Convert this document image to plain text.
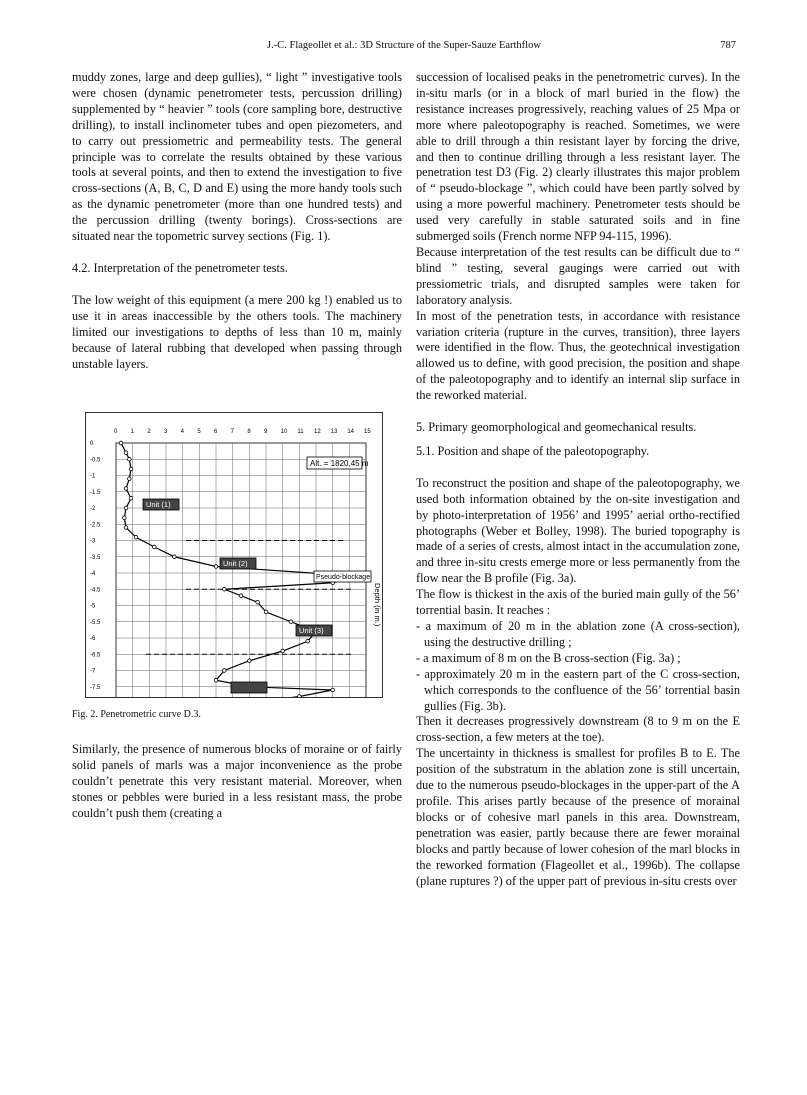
J.-C. Flageollet et al.: 3D Structure of the Super-Sauze Earthflow	787

muddy zones, large and deep gullies), “ light ” investigative tools were chosen (dynamic penetrometer tests, percussion drilling) supplemented by “ heavier ” tools (core sampling bore, destructive drilling), to install inclinometer tubes and open piezometers, and to carry out pressiometric and permeability tests. The general principle was to correlate the results obtained by these various tools at several points, and then to extend the investigation to five cross-sections (A, B, C, D and E) using the more handy tools such as the dynamic penetrometer (more than one hundred tests) and the percussion drilling (twenty borings). Cross-sections are situated near the topometric survey sections (Fig. 1).

4.2. Interpretation of the penetrometer tests.

The low weight of this equipment (a mere 200 kg !) enabled us to use it in areas inaccessible by the others tools. The machinery limited our investigations to depths of less than 10 m, mainly because of lateral rubbing that developed when passing through unstable layers.

0 1 2 3 4 5 6 7 8 9 10 11 12 13 14 15
0
-0.5
-1
-1.5
-2
-2.5
-3
-3.5
-4
-4.5
-5
-5.5
-6
-6.5
-7
-7.5
Alt. = 1820,45 m
Unit (1)
Unit (2)
Pseudo-blockage
Unit (3)
Depth (in m.)
Fig. 2. Penetrometric curve D.3.

Similarly, the presence of numerous blocks of moraine or of fairly solid panels of marls was a major inconvenience as the probe couldn’t penetrate this very resistant material. Moreover, when stones or pebbles were buried in a less resistant mass, the probe couldn’t push them (creating a

succession of localised peaks in the penetrometric curves). In the in-situ marls (or in a block of marl buried in the flow) the resistance increases progressively, reaching values of 25 Mpa or more where paleotopography is reached. Sometimes, we were able to drill through a thin resistant layer by forcing the drive, and then to continue drilling through a less resistant layer. The penetration test D3 (Fig. 2) clearly illustrates this major problem of “ pseudo-blockage ”, which could have been partly solved by using a more powerful machinery. Penetrometer tests should be used very carefully in stable saturated soils and in fine submerged soils (French norme NFP 94-115, 1996).

Because interpretation of the test results can be difficult due to “ blind ” testing, several gaugings were carried out with pressiometric trials, and disrupted samples were taken for laboratory analysis.

In most of the penetration tests, in accordance with resistance variation criteria (rupture in the curves, transition), three layers were identified in the flow. Thus, the geotechnical investigation allowed us to define, with good precision, the position and shape of the paleotopography and to identify an internal slip surface in the reworked material.

5. Primary geomorphological and geomechanical results.

5.1. Position and shape of the paleotopography.

To reconstruct the position and shape of the paleotopography, we used both information obtained by the on-site investigation and by photo-interpretation of 1956’ and 1995’ aerial ortho-rectified photographs (Weber et Bolley, 1998). The buried topography is made of a series of crests, almost intact in the accumulation zone, and three in-situ crests emerge more or less permanently from the flow near the B profile (Fig. 3a).

The flow is thickest in the axis of the buried main gully of the 56’ torrential basin. It reaches :

- a maximum of 20 m in the ablation zone (A cross-section), using the destructive drilling ;

- a maximum of 8 m on the B cross-section (Fig. 3a) ;

- approximately 20 m in the eastern part of the C cross-section, which corresponds to the confluence of the 56’ torrential basin gullies (Fig. 3b).

Then it decreases progressively downstream (8 to 9 m on the E cross-section, a few meters at the toe).

The uncertainty in thickness is smallest for profiles B to E. The position of the substratum in the ablation zone is still uncertain, due to the numerous pseudo-blockages in the upper-part of the A profile. This arises partly because of the presence of morainal blocks or of cohesive marl panels in this area. Downstream, penetration was easier, partly because there are fewer morainal blocks and partly because of lower cohesion of the marl blocks in the reworked formation (Flageollet et al., 1996b). The collapse (plane ruptures ?) of the upper part of previous in-situ crests over
